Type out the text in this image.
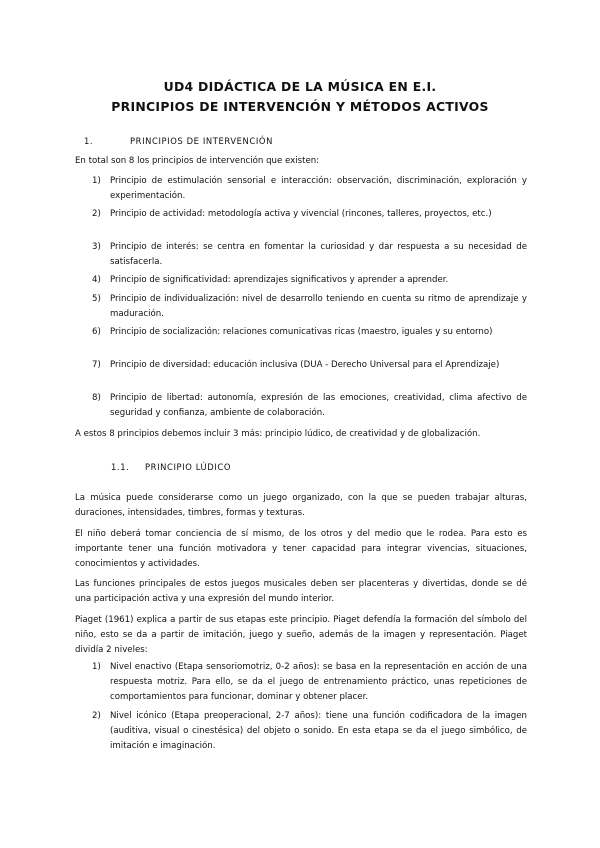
UD4 DIDÁCTICA DE LA MÚSICA EN E.I.
PRINCIPIOS DE INTERVENCIÓN Y MÉTODOS ACTIVOS
1.	PRINCIPIOS DE INTERVENCIÓN
En total son 8 los principios de intervención que existen:
1) Principio de estimulación sensorial e interacción: observación, discriminación, exploración y experimentación.
2) Principio de actividad: metodología activa y vivencial (rincones, talleres, proyectos, etc.)
3) Principio de interés: se centra en fomentar la curiosidad y dar respuesta a su necesidad de satisfacerla.
4) Principio de significatividad: aprendizajes significativos y aprender a aprender.
5) Principio de individualización: nivel de desarrollo teniendo en cuenta su ritmo de aprendizaje y maduración.
6) Principio de socialización: relaciones comunicativas ricas (maestro, iguales y su entorno)
7) Principio de diversidad: educación inclusiva (DUA - Derecho Universal para el Aprendizaje)
8) Principio de libertad: autonomía, expresión de las emociones, creatividad, clima afectivo de seguridad y confianza, ambiente de colaboración.
A estos 8 principios debemos incluir 3 más: principio lúdico, de creatividad y de globalización.
1.1. PRINCIPIO LÚDICO
La música puede considerarse como un juego organizado, con la que se pueden trabajar alturas, duraciones, intensidades, timbres, formas y texturas.
El niño deberá tomar conciencia de sí mismo, de los otros y del medio que le rodea. Para esto es importante tener una función motivadora y tener capacidad para integrar vivencias, situaciones, conocimientos y actividades.
Las funciones principales de estos juegos musicales deben ser placenteras y divertidas, donde se dé una participación activa y una expresión del mundo interior.
Piaget (1961) explica a partir de sus etapas este principio. Piaget defendía la formación del símbolo del niño, esto se da a partir de imitación, juego y sueño, además de la imagen y representación. Piaget dividía 2 niveles:
1) Nivel enactivo (Etapa sensoriomotriz, 0-2 años): se basa en la representación en acción de una respuesta motriz. Para ello, se da el juego de entrenamiento práctico, unas repeticiones de comportamientos para funcionar, dominar y obtener placer.
2) Nivel icónico (Etapa preoperacional, 2-7 años): tiene una función codificadora de la imagen (auditiva, visual o cinestésica) del objeto o sonido. En esta etapa se da el juego simbólico, de imitación e imaginación.
